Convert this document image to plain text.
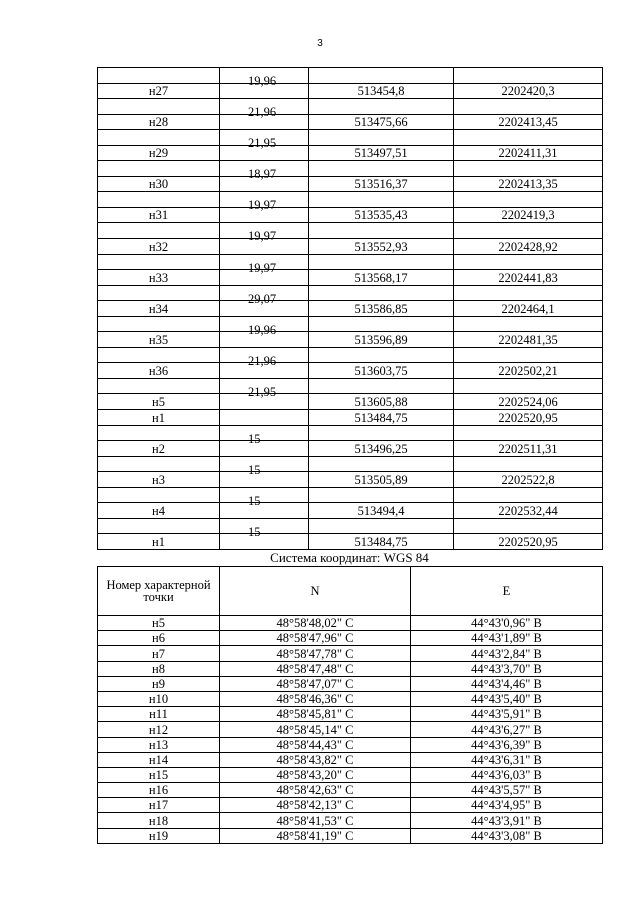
3

	19,96		

н27		513454,8	2202420,3

	21,96		

н28		513475,66	2202413,45

	21,95		

н29		513497,51	2202411,31

	18,97		

н30		513516,37	2202413,35

	19,97		

н31		513535,43	2202419,3

	19,97		

н32		513552,93	2202428,92

	19,97		

н33		513568,17	2202441,83

	29,07		

н34		513586,85	2202464,1

	19,96		

н35		513596,89	2202481,35

	21,96		

н36		513603,75	2202502,21

	21,95		

н5		513605,88	2202524,06
н1		513484,75	2202520,95

	15		

н2		513496,25	2202511,31

	15		

н3		513505,89	2202522,8

	15		

н4		513494,4	2202532,44

	15		

н1		513484,75	2202520,95
Система координат: WGS 84
Номер характерной точки	N	E
н5	48°58'48,02" С	44°43'0,96" В
н6	48°58'47,96" С	44°43'1,89" В
н7	48°58'47,78" С	44°43'2,84" В
н8	48°58'47,48" С	44°43'3,70" В
н9	48°58'47,07" С	44°43'4,46" В
н10	48°58'46,36" С	44°43'5,40" В
н11	48°58'45,81" С	44°43'5,91" В
н12	48°58'45,14" С	44°43'6,27" В
н13	48°58'44,43" С	44°43'6,39" В
н14	48°58'43,82" С	44°43'6,31" В
н15	48°58'43,20" С	44°43'6,03" В
н16	48°58'42,63" С	44°43'5,57" В
н17	48°58'42,13" С	44°43'4,95" В
н18	48°58'41,53" С	44°43'3,91" В
н19	48°58'41,19" С	44°43'3,08" В
